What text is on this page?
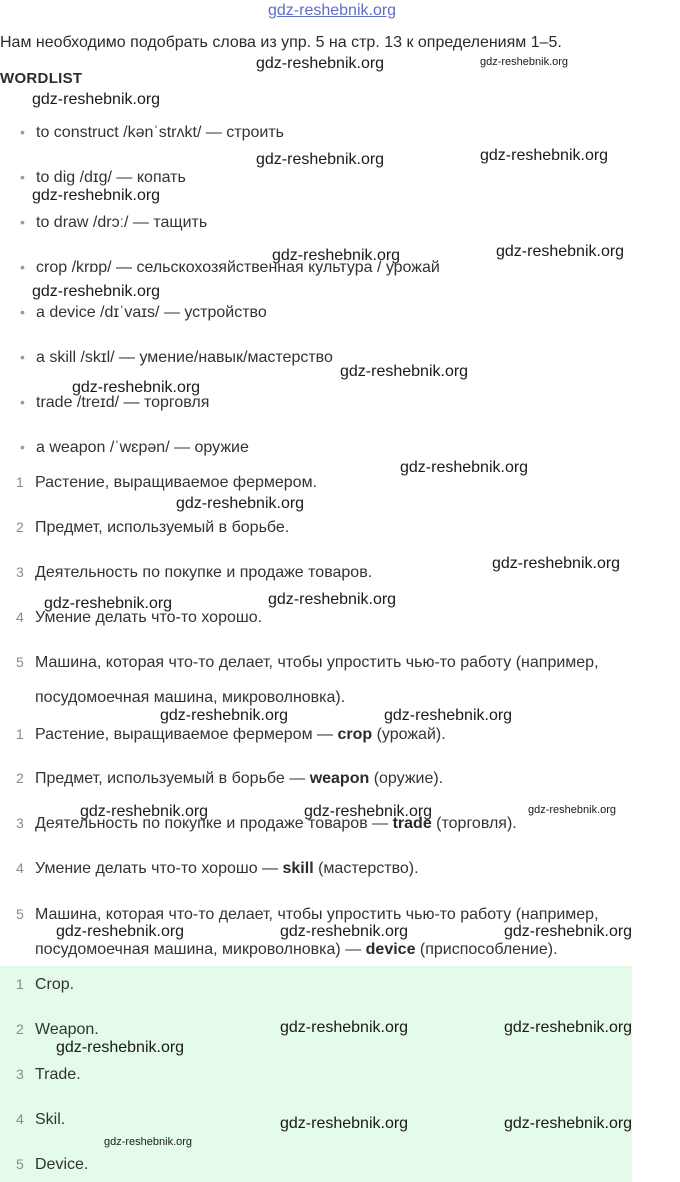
gdz-reshebnik.org
Нам необходимо подобрать слова из упр. 5 на стр. 13 к определениям 1–5.
WORDLIST
• to construct /kənˈstrʌkt/ — строить
• to dig /dɪg/ — копать
• to draw /drɔː/ — тащить
• crop /krɒp/ — сельскохозяйственная культура / урожай
• a device /dɪˈvaɪs/ — устройство
• a skill /skɪl/ — умение/навык/мастерство
• trade /treɪd/ — торговля
• a weapon /ˈwɛpən/ — оружие
1 Растение, выращиваемое фермером.
2 Предмет, используемый в борьбе.
3 Деятельность по покупке и продаже товаров.
4 Умение делать что-то хорошо.
5 Машина, которая что-то делает, чтобы упростить чью-то работу (например,
посудомоечная машина, микроволновка).
1 Растение, выращиваемое фермером — crop (урожай).
2 Предмет, используемый в борьбе — weapon (оружие).
3 Деятельность по покупке и продаже товаров — trade (торговля).
4 Умение делать что-то хорошо — skill (мастерство).
5 Машина, которая что-то делает, чтобы упростить чью-то работу (например,
посудомоечная машина, микроволновка) — device (приспособление).
1 Crop.
2 Weapon.
3 Trade.
4 Skil.
5 Device.
gdz-reshebnik.org	gdz-reshebnik.org
gdz-reshebnik.org
gdz-reshebnik.org	gdz-reshebnik.org
gdz-reshebnik.org
gdz-reshebnik.org	gdz-reshebnik.org
gdz-reshebnik.org
gdz-reshebnik.org
gdz-reshebnik.org
gdz-reshebnik.org
gdz-reshebnik.org
gdz-reshebnik.org
gdz-reshebnik.org	gdz-reshebnik.org
gdz-reshebnik.org	gdz-reshebnik.org
gdz-reshebnik.org	gdz-reshebnik.org	gdz-reshebnik.org
gdz-reshebnik.org	gdz-reshebnik.org	gdz-reshebnik.org
gdz-reshebnik.org	gdz-reshebnik.org
gdz-reshebnik.org
gdz-reshebnik.org	gdz-reshebnik.org
gdz-reshebnik.org
